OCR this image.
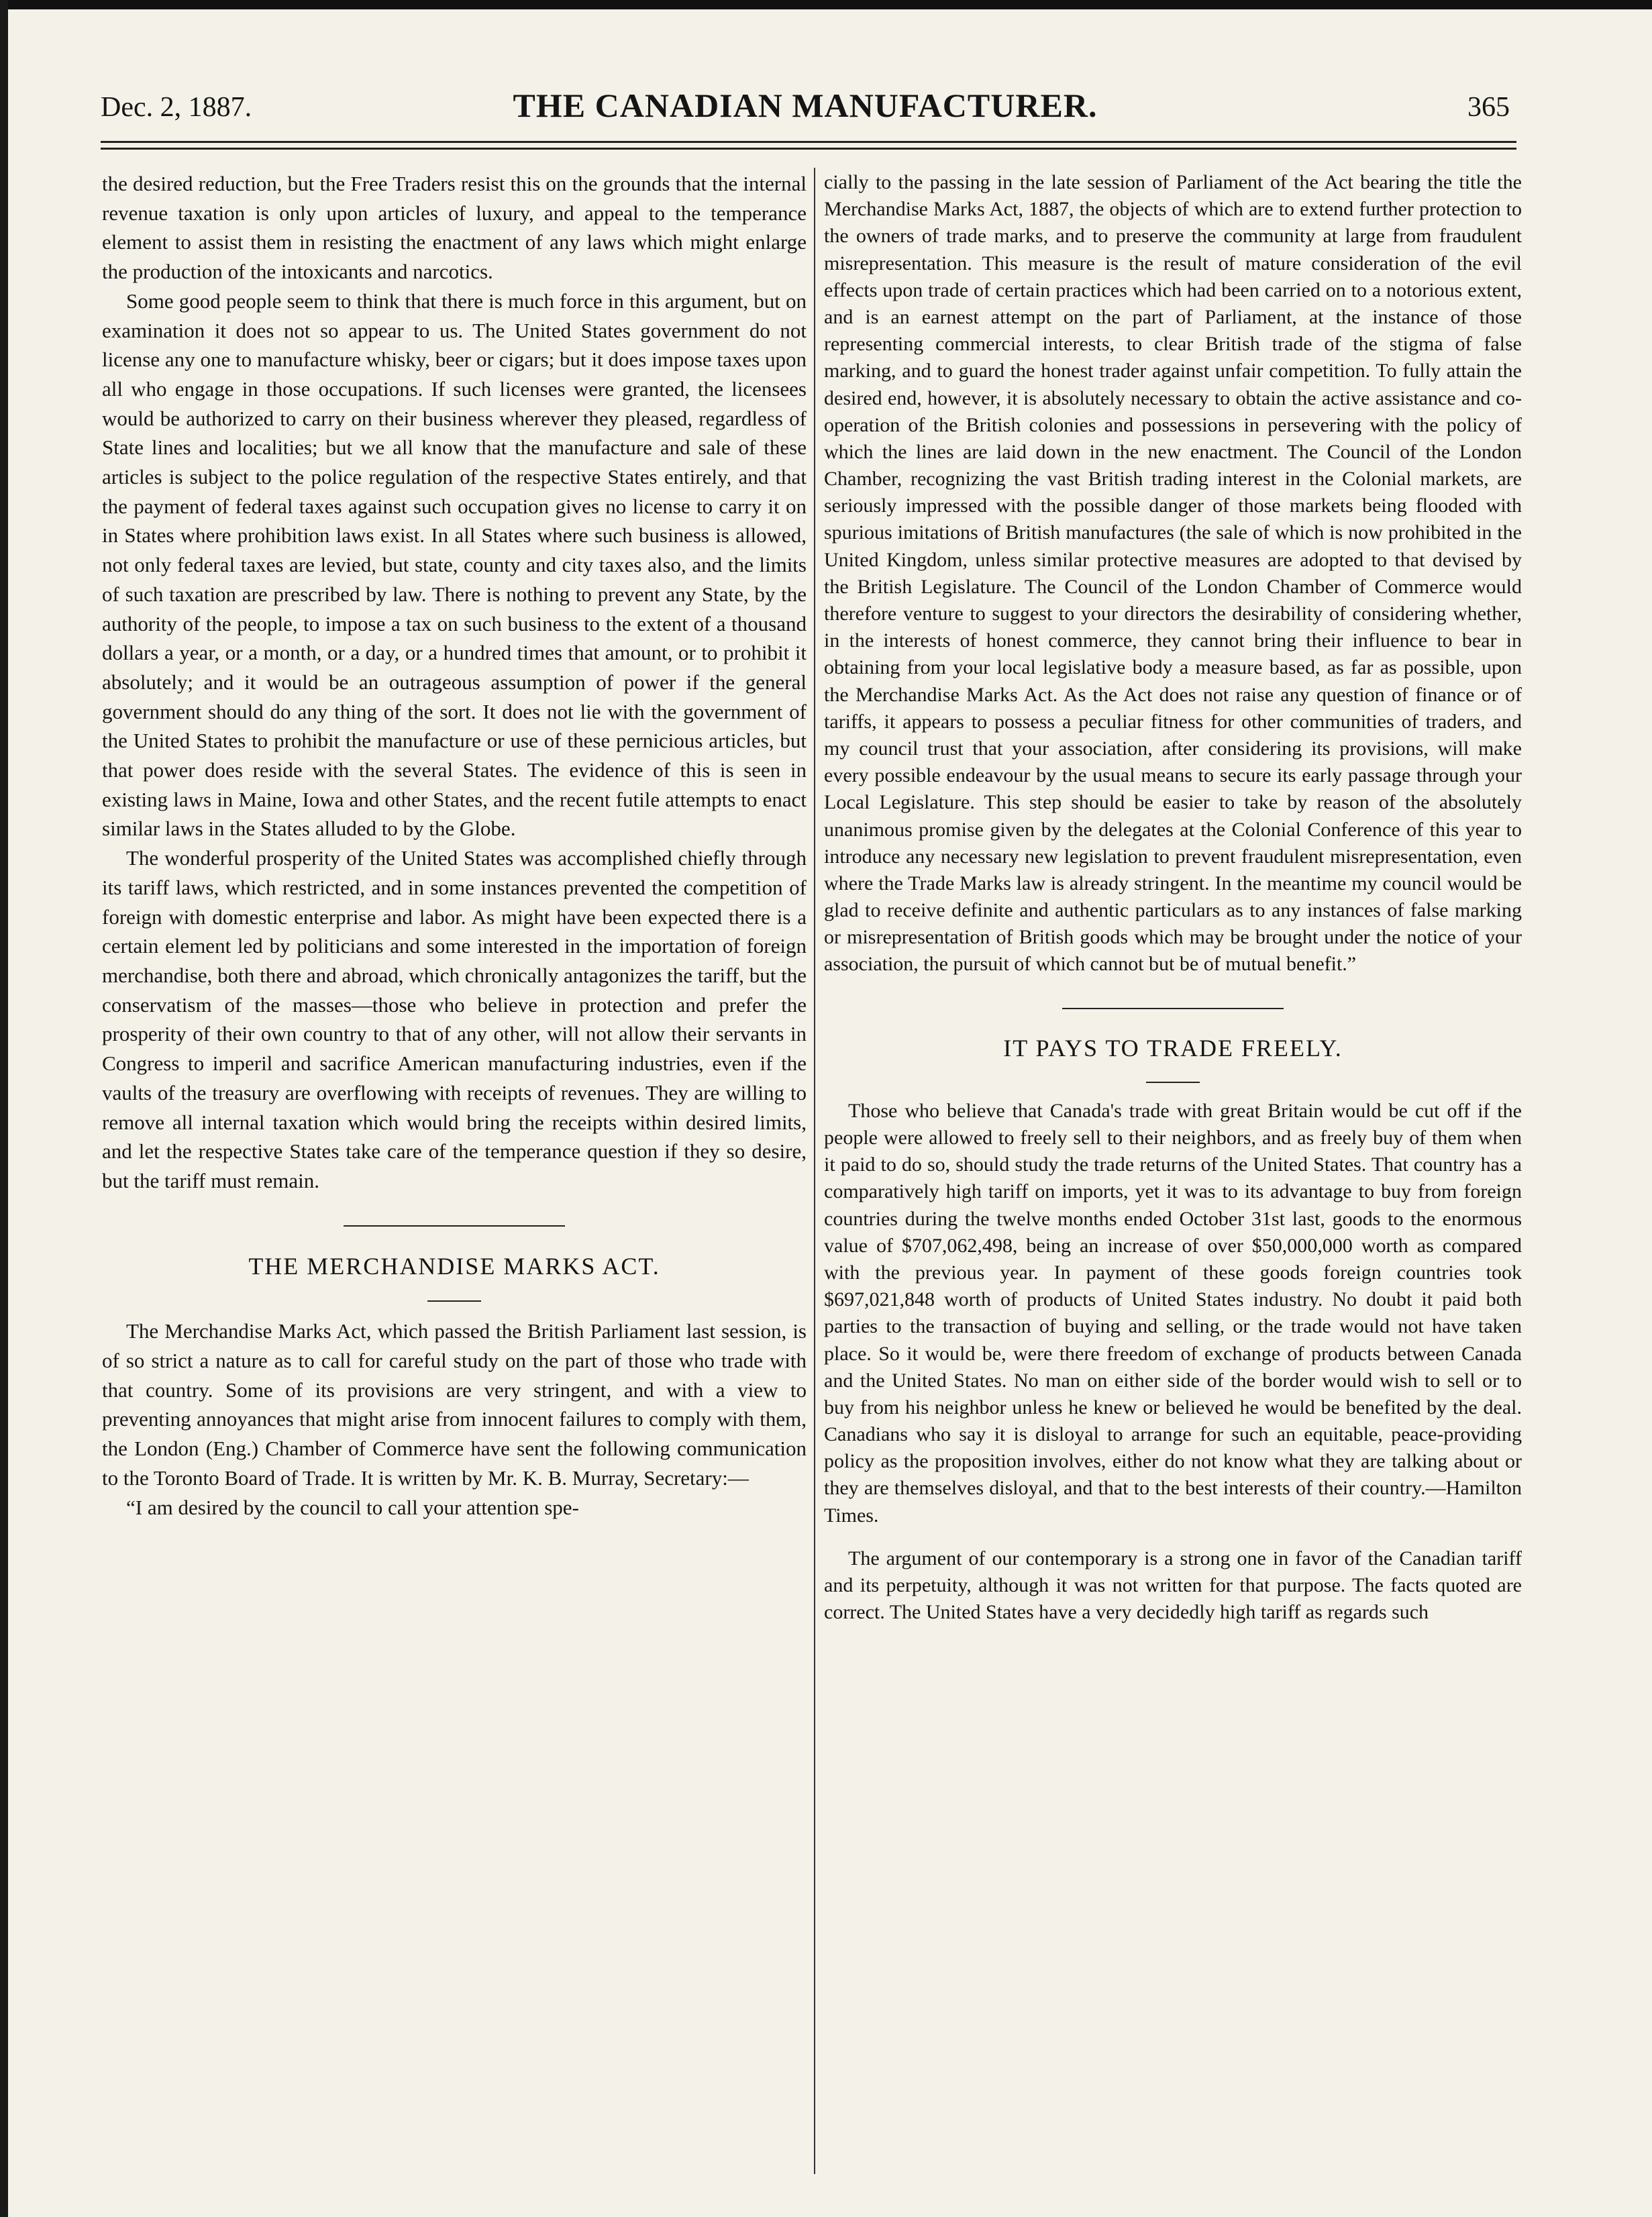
Dec. 2, 1887.	THE CANADIAN MANUFACTURER.	365

the desired reduction, but the Free Traders resist this on the grounds that the internal revenue taxation is only upon articles of luxury, and appeal to the temperance element to assist them in resisting the enactment of any laws which might enlarge the production of the intoxicants and narcotics.

Some good people seem to think that there is much force in this argument, but on examination it does not so appear to us. The United States government do not license any one to manufacture whisky, beer or cigars; but it does impose taxes upon all who engage in those occupations. If such licenses were granted, the licensees would be authorized to carry on their business wherever they pleased, regardless of State lines and localities; but we all know that the manufacture and sale of these articles is subject to the police regulation of the respective States entirely, and that the payment of federal taxes against such occupation gives no license to carry it on in States where prohibition laws exist. In all States where such business is allowed, not only federal taxes are levied, but state, county and city taxes also, and the limits of such taxation are prescribed by law. There is nothing to prevent any State, by the authority of the people, to impose a tax on such business to the extent of a thousand dollars a year, or a month, or a day, or a hundred times that amount, or to prohibit it absolutely; and it would be an outrageous assumption of power if the general government should do any thing of the sort. It does not lie with the government of the United States to prohibit the manufacture or use of these pernicious articles, but that power does reside with the several States. The evidence of this is seen in existing laws in Maine, Iowa and other States, and the recent futile attempts to enact similar laws in the States alluded to by the Globe.

The wonderful prosperity of the United States was accomplished chiefly through its tariff laws, which restricted, and in some instances prevented the competition of foreign with domestic enterprise and labor. As might have been expected there is a certain element led by politicians and some interested in the importation of foreign merchandise, both there and abroad, which chronically antagonizes the tariff, but the conservatism of the masses—those who believe in protection and prefer the prosperity of their own country to that of any other, will not allow their servants in Congress to imperil and sacrifice American manufacturing industries, even if the vaults of the treasury are overflowing with receipts of revenues. They are willing to remove all internal taxation which would bring the receipts within desired limits, and let the respective States take care of the temperance question if they so desire, but the tariff must remain.

THE MERCHANDISE MARKS ACT.

The Merchandise Marks Act, which passed the British Parliament last session, is of so strict a nature as to call for careful study on the part of those who trade with that country. Some of its provisions are very stringent, and with a view to preventing annoyances that might arise from innocent failures to comply with them, the London (Eng.) Chamber of Commerce have sent the following communication to the Toronto Board of Trade. It is written by Mr. K. B. Murray, Secretary:—

“I am desired by the council to call your attention spe-

cially to the passing in the late session of Parliament of the Act bearing the title the Merchandise Marks Act, 1887, the objects of which are to extend further protection to the owners of trade marks, and to preserve the community at large from fraudulent misrepresentation. This measure is the result of mature consideration of the evil effects upon trade of certain practices which had been carried on to a notorious extent, and is an earnest attempt on the part of Parliament, at the instance of those representing commercial interests, to clear British trade of the stigma of false marking, and to guard the honest trader against unfair competition. To fully attain the desired end, however, it is absolutely necessary to obtain the active assistance and co-operation of the British colonies and possessions in persevering with the policy of which the lines are laid down in the new enactment. The Council of the London Chamber, recognizing the vast British trading interest in the Colonial markets, are seriously impressed with the possible danger of those markets being flooded with spurious imitations of British manufactures (the sale of which is now prohibited in the United Kingdom, unless similar protective measures are adopted to that devised by the British Legislature. The Council of the London Chamber of Commerce would therefore venture to suggest to your directors the desirability of considering whether, in the interests of honest commerce, they cannot bring their influence to bear in obtaining from your local legislative body a measure based, as far as possible, upon the Merchandise Marks Act. As the Act does not raise any question of finance or of tariffs, it appears to possess a peculiar fitness for other communities of traders, and my council trust that your association, after considering its provisions, will make every possible endeavour by the usual means to secure its early passage through your Local Legislature. This step should be easier to take by reason of the absolutely unanimous promise given by the delegates at the Colonial Conference of this year to introduce any necessary new legislation to prevent fraudulent misrepresentation, even where the Trade Marks law is already stringent. In the meantime my council would be glad to receive definite and authentic particulars as to any instances of false marking or misrepresentation of British goods which may be brought under the notice of your association, the pursuit of which cannot but be of mutual benefit.”

IT PAYS TO TRADE FREELY.

Those who believe that Canada's trade with great Britain would be cut off if the people were allowed to freely sell to their neighbors, and as freely buy of them when it paid to do so, should study the trade returns of the United States. That country has a comparatively high tariff on imports, yet it was to its advantage to buy from foreign countries during the twelve months ended October 31st last, goods to the enormous value of $707,062,498, being an increase of over $50,000,000 worth as compared with the previous year. In payment of these goods foreign countries took $697,021,848 worth of products of United States industry. No doubt it paid both parties to the transaction of buying and selling, or the trade would not have taken place. So it would be, were there freedom of exchange of products between Canada and the United States. No man on either side of the border would wish to sell or to buy from his neighbor unless he knew or believed he would be benefited by the deal. Canadians who say it is disloyal to arrange for such an equitable, peace-providing policy as the proposition involves, either do not know what they are talking about or they are themselves disloyal, and that to the best interests of their country.—Hamilton Times.

The argument of our contemporary is a strong one in favor of the Canadian tariff and its perpetuity, although it was not written for that purpose. The facts quoted are correct. The United States have a very decidedly high tariff as regards such
